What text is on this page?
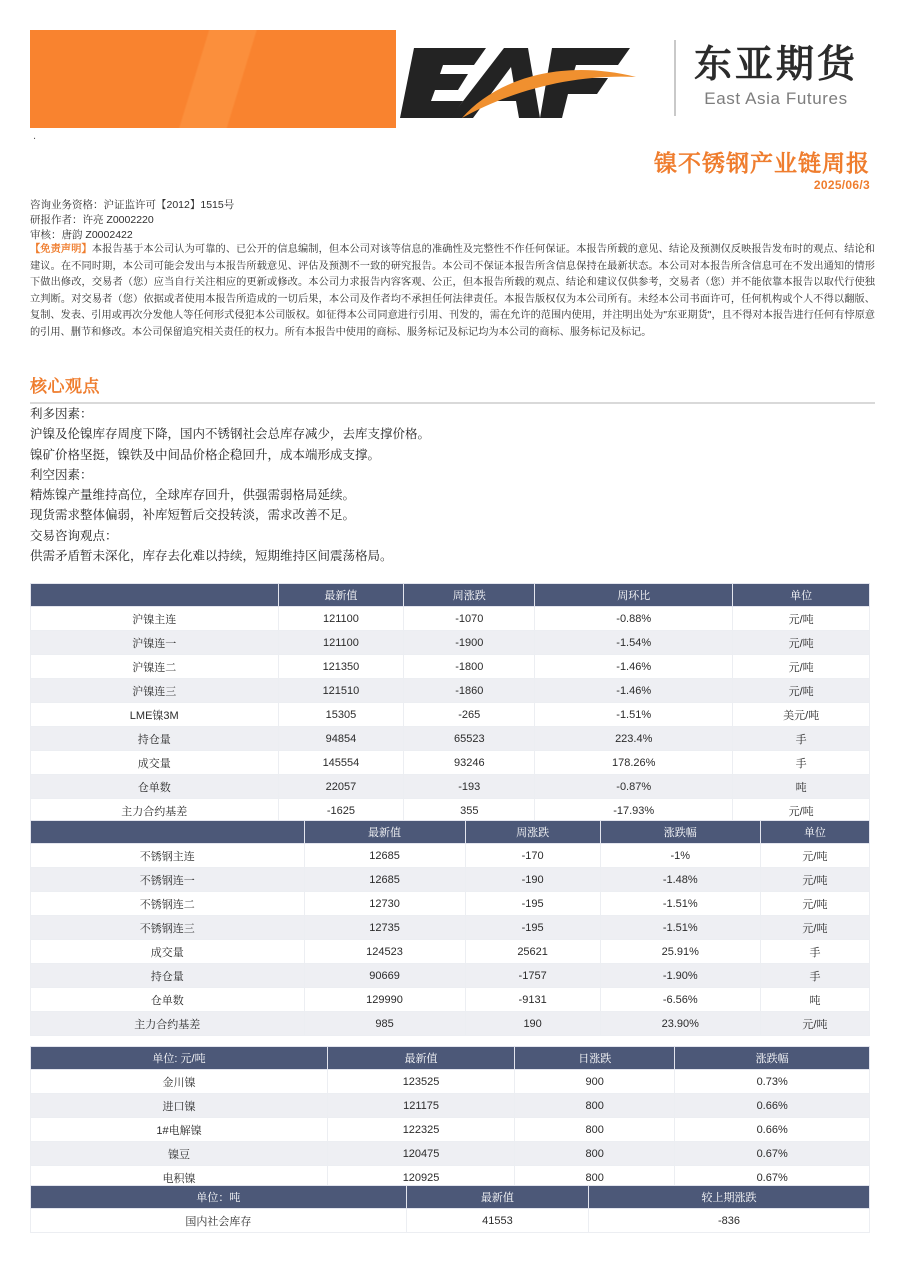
东亚期货
East Asia Futures
.
镍不锈钢产业链周报
2025/06/3
咨询业务资格：沪证监许可【2012】1515号
研报作者：许亮 Z0002220
审核：唐韵 Z0002422
【免责声明】本报告基于本公司认为可靠的、已公开的信息编制，但本公司对该等信息的准确性及完整性不作任何保证。本报告所载的意见、结论及预测仅反映报告发布时的观点、结论和建议。在不同时期，本公司可能会发出与本报告所载意见、评估及预测不一致的研究报告。本公司不保证本报告所含信息保持在最新状态。本公司对本报告所含信息可在不发出通知的情形下做出修改，交易者（您）应当自行关注相应的更新或修改。本公司力求报告内容客观、公正，但本报告所载的观点、结论和建议仅供参考，交易者（您）并不能依靠本报告以取代行使独立判断。对交易者（您）依据或者使用本报告所造成的一切后果，本公司及作者均不承担任何法律责任。本报告版权仅为本公司所有。未经本公司书面许可，任何机构或个人不得以翻版、复制、发表、引用或再次分发他人等任何形式侵犯本公司版权。如征得本公司同意进行引用、刊发的，需在允许的范围内使用，并注明出处为"东亚期货"，且不得对本报告进行任何有悖原意的引用、删节和修改。本公司保留追究相关责任的权力。所有本报告中使用的商标、服务标记及标记均为本公司的商标、服务标记及标记。
核心观点
利多因素：
沪镍及伦镍库存周度下降，国内不锈钢社会总库存减少，去库支撑价格。
镍矿价格坚挺，镍铁及中间品价格企稳回升，成本端形成支撑。
利空因素：
精炼镍产量维持高位，全球库存回升，供强需弱格局延续。
现货需求整体偏弱，补库短暂后交投转淡，需求改善不足。
交易咨询观点：
供需矛盾暂未深化，库存去化难以持续，短期维持区间震荡格局。
	最新值	周涨跌	周环比	单位
沪镍主连	121100	-1070	-0.88%	元/吨
沪镍连一	121100	-1900	-1.54%	元/吨
沪镍连二	121350	-1800	-1.46%	元/吨
沪镍连三	121510	-1860	-1.46%	元/吨
LME镍3M	15305	-265	-1.51%	美元/吨
持仓量	94854	65523	223.4%	手
成交量	145554	93246	178.26%	手
仓单数	22057	-193	-0.87%	吨
主力合约基差	-1625	355	-17.93%	元/吨
	最新值	周涨跌	涨跌幅	单位
不锈钢主连	12685	-170	-1%	元/吨
不锈钢连一	12685	-190	-1.48%	元/吨
不锈钢连二	12730	-195	-1.51%	元/吨
不锈钢连三	12735	-195	-1.51%	元/吨
成交量	124523	25621	25.91%	手
持仓量	90669	-1757	-1.90%	手
仓单数	129990	-9131	-6.56%	吨
主力合约基差	985	190	23.90%	元/吨
单位: 元/吨	最新值	日涨跌	涨跌幅
金川镍	123525	900	0.73%
进口镍	121175	800	0.66%
1#电解镍	122325	800	0.66%
镍豆	120475	800	0.67%
电积镍	120925	800	0.67%
单位：吨	最新值	较上期涨跌
国内社会库存	41553	-836
